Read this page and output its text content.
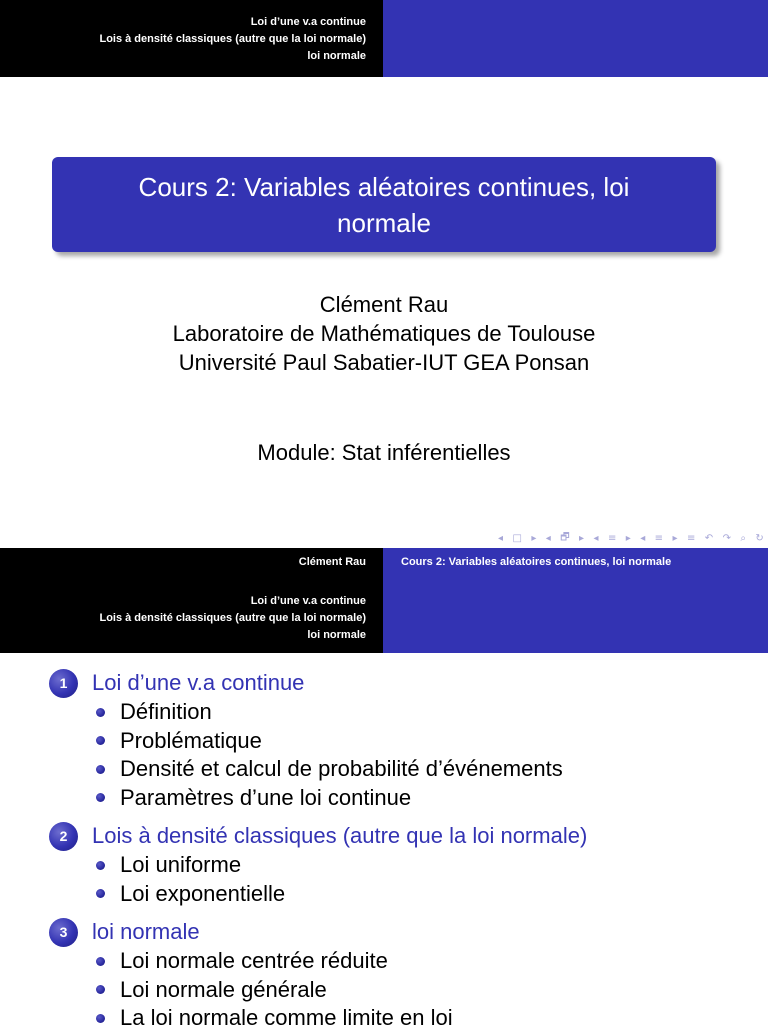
Loi d’une v.a continue
Lois à densité classiques (autre que la loi normale)
loi normale
Cours 2: Variables aléatoires continues, loi
normale
Clément Rau
Laboratoire de Mathématiques de Toulouse
Université Paul Sabatier-IUT GEA Ponsan
Module: Stat inférentielles
◂ □ ▸ ◂ 🗗 ▸ ◂ ≡ ▸ ◂ ≡ ▸ ≡ ↶ ↷ ⌕ ↻
Clément Rau
Loi d’une v.a continue
Lois à densité classiques (autre que la loi normale)
loi normale
Cours 2: Variables aléatoires continues, loi normale
1	Loi d’une v.a continue
Définition
Problématique
Densité et calcul de probabilité d’événements
Paramètres d’une loi continue
2	Lois à densité classiques (autre que la loi normale)
Loi uniforme
Loi exponentielle
3	loi normale
Loi normale centrée réduite
Loi normale générale
La loi normale comme limite en loi
